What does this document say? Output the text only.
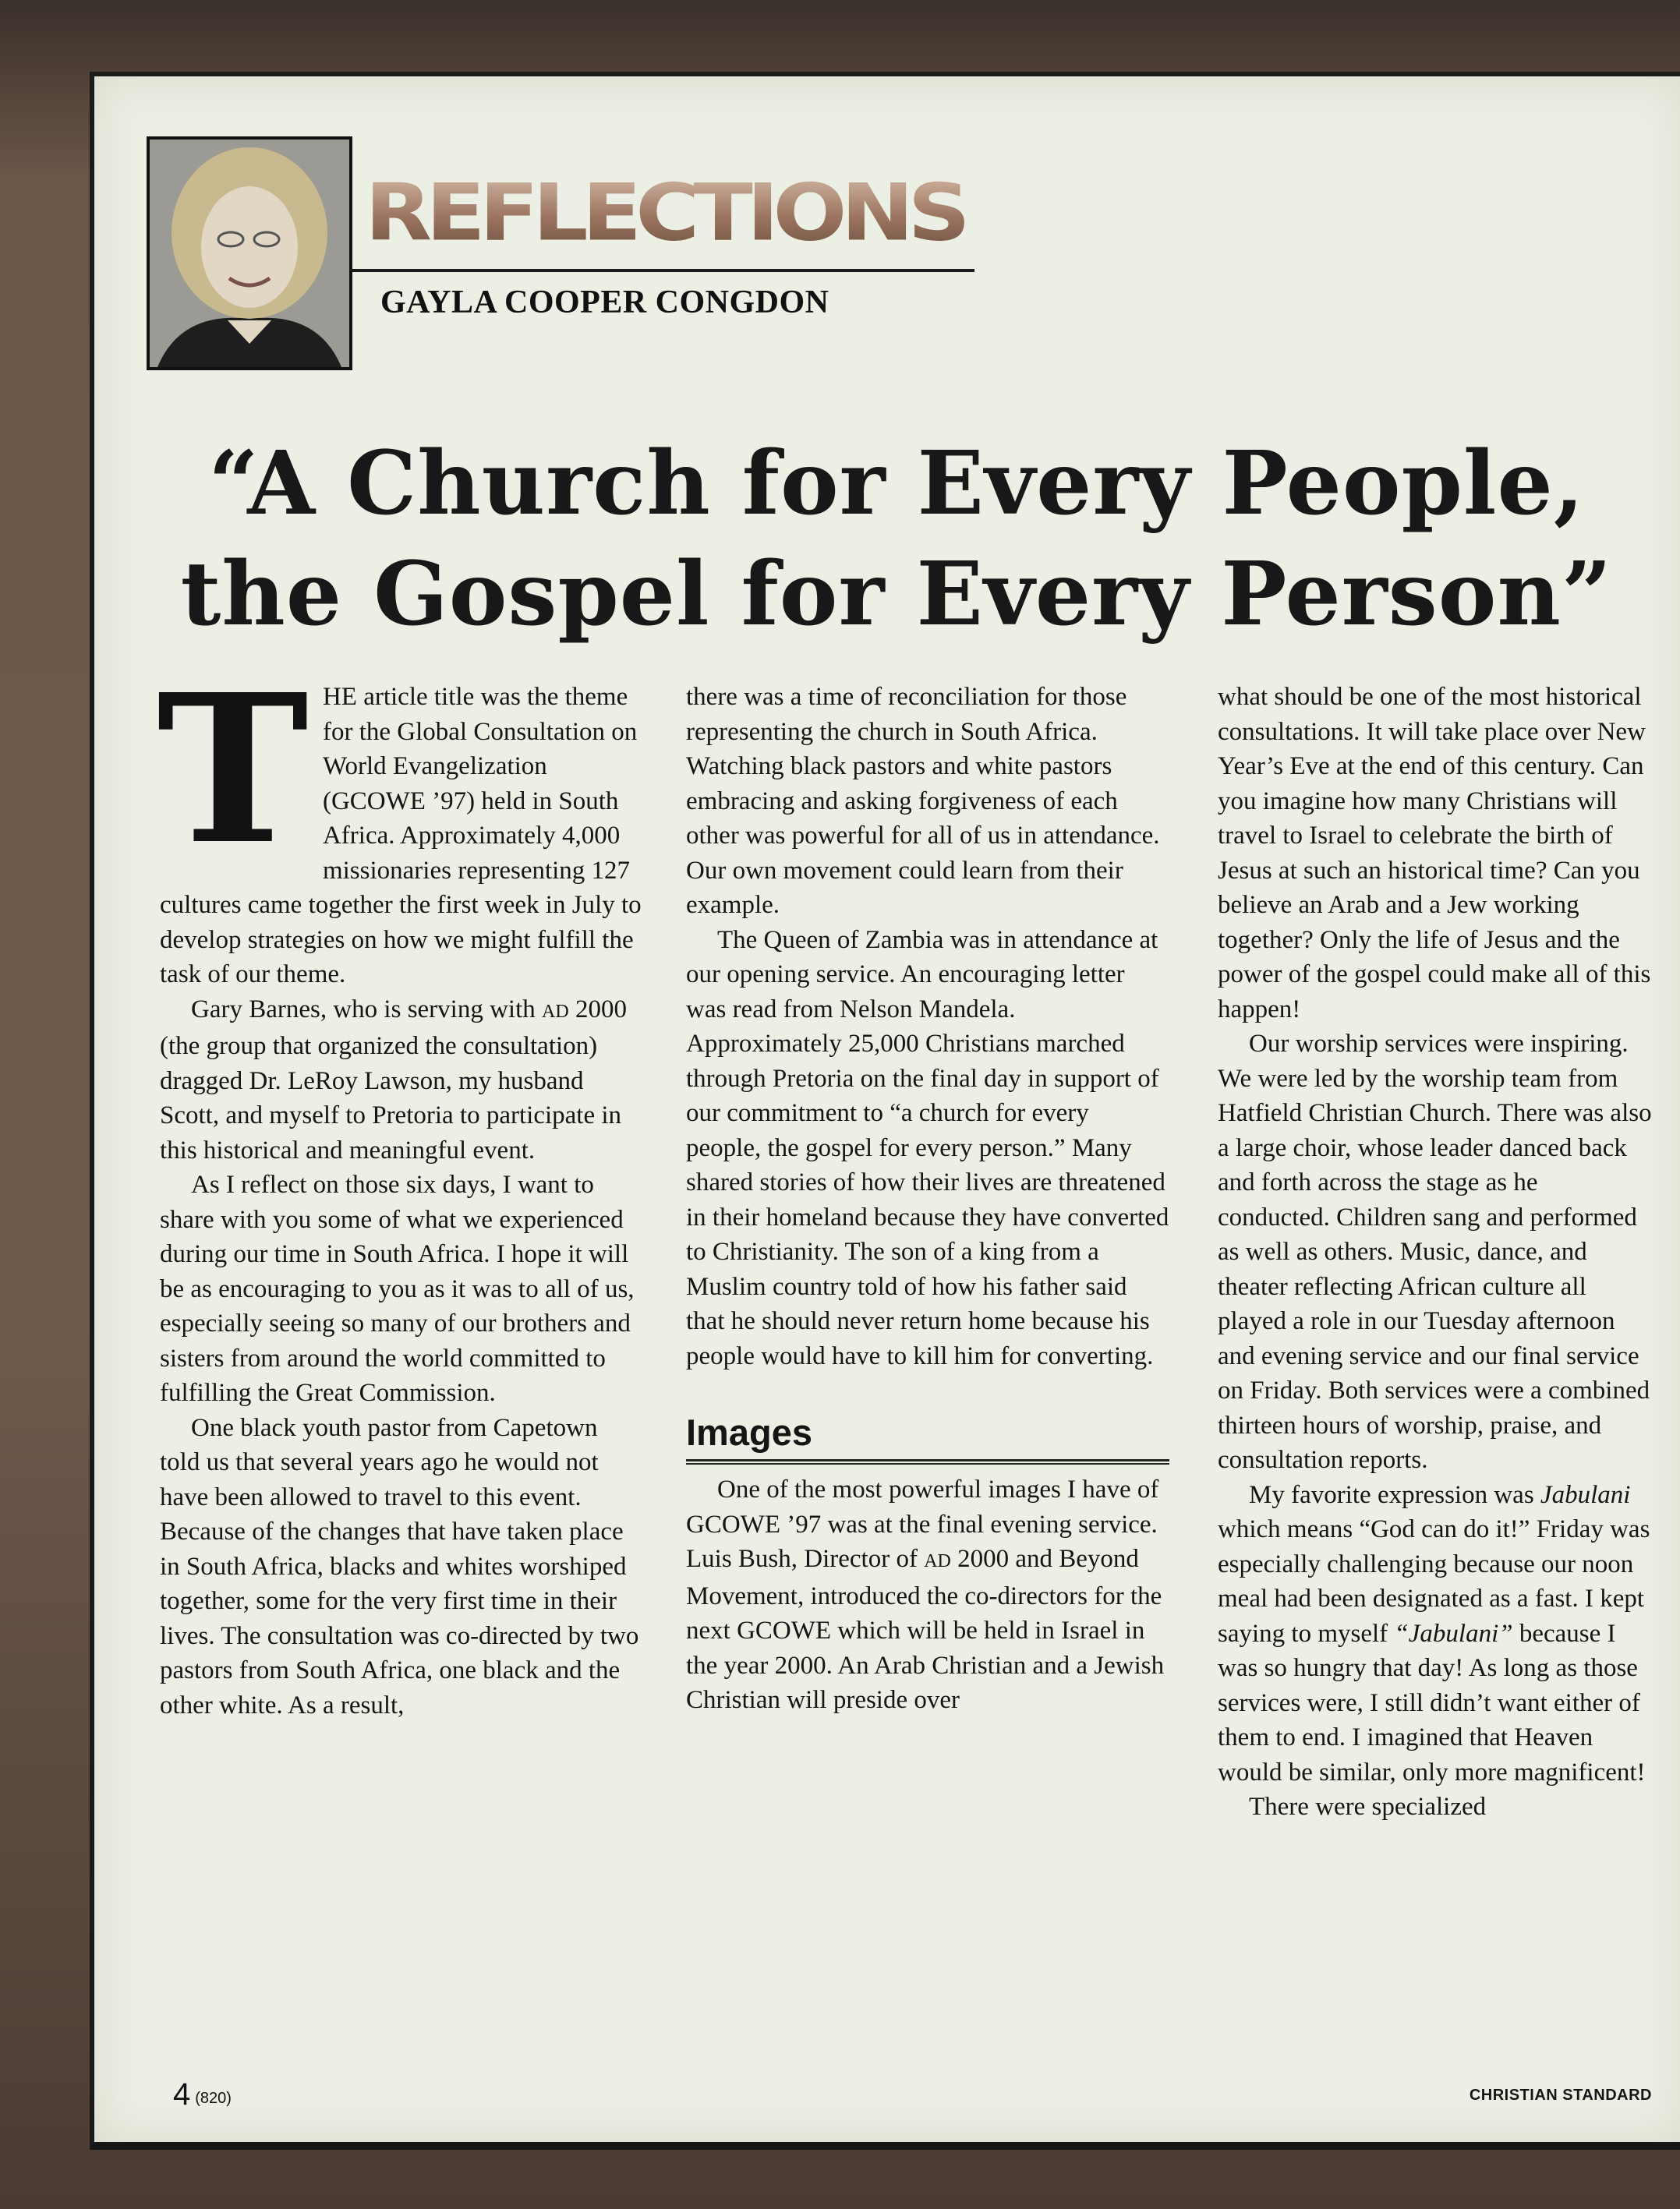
REFLECTIONS
GAYLA COOPER CONGDON
“A Church for Every People,
the Gospel for Every Person”

THE article title was the theme for the Global Consultation on World Evangelization (GCOWE ’97) held in South Africa. Approximately 4,000 missionaries representing 127 cultures came together the first week in July to develop strategies on how we might fulfill the task of our theme.

Gary Barnes, who is serving with AD 2000 (the group that organized the consultation) dragged Dr. LeRoy Lawson, my husband Scott, and myself to Pretoria to participate in this historical and meaningful event.

As I reflect on those six days, I want to share with you some of what we experienced during our time in South Africa. I hope it will be as encouraging to you as it was to all of us, especially seeing so many of our brothers and sisters from around the world committed to fulfilling the Great Commission.

One black youth pastor from Capetown told us that several years ago he would not have been allowed to travel to this event. Because of the changes that have taken place in South Africa, blacks and whites worshiped together, some for the very first time in their lives. The consultation was co-directed by two pastors from South Africa, one black and the other white. As a result,

there was a time of reconciliation for those representing the church in South Africa. Watching black pastors and white pastors embracing and asking forgiveness of each other was powerful for all of us in attendance. Our own movement could learn from their example.

The Queen of Zambia was in attendance at our opening service. An encouraging letter was read from Nelson Mandela. Approximately 25,000 Christians marched through Pretoria on the final day in support of our commitment to “a church for every people, the gospel for every person.” Many shared stories of how their lives are threatened in their homeland because they have converted to Christianity. The son of a king from a Muslim country told of how his father said that he should never return home because his people would have to kill him for converting.

Images

One of the most powerful images I have of GCOWE ’97 was at the final evening service. Luis Bush, Director of AD 2000 and Beyond Movement, introduced the co-directors for the next GCOWE which will be held in Israel in the year 2000. An Arab Christian and a Jewish Christian will preside over

what should be one of the most historical consultations. It will take place over New Year’s Eve at the end of this century. Can you imagine how many Christians will travel to Israel to celebrate the birth of Jesus at such an historical time? Can you believe an Arab and a Jew working together? Only the life of Jesus and the power of the gospel could make all of this happen!

Our worship services were inspiring. We were led by the worship team from Hatfield Christian Church. There was also a large choir, whose leader danced back and forth across the stage as he conducted. Children sang and performed as well as others. Music, dance, and theater reflecting African culture all played a role in our Tuesday afternoon and evening service and our final service on Friday. Both services were a combined thirteen hours of worship, praise, and consultation reports.

My favorite expression was Jabulani which means “God can do it!” Friday was especially challenging because our noon meal had been designated as a fast. I kept saying to myself “Jabulani” because I was so hungry that day! As long as those services were, I still didn’t want either of them to end. I imagined that Heaven would be similar, only more magnificent!

There were specialized

4 (820)	CHRISTIAN STANDARD
